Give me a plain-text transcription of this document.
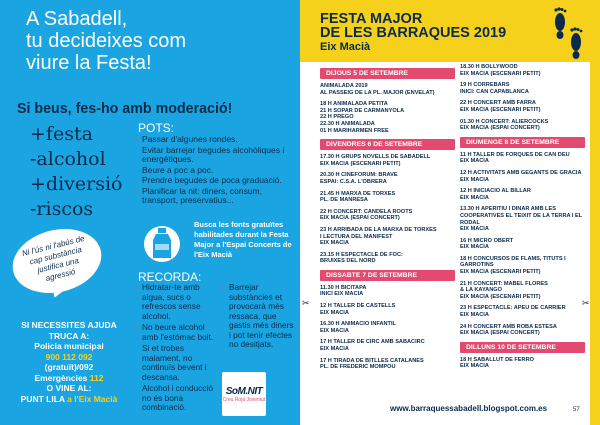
A Sabadell,
tu decideixes com
viure la Festa!
Si beus, fes-ho amb moderació!
+festa
-alcohol
+diversió
-riscos
POTS:
▫ Passar d'algunes rondes.
▫ Evitar barrejar begudes alcohòliques i energètiques.
▫ Beure a poc a poc.
▫ Prendre begudes de poca graduació.
▫ Planificar la nit: diners, consum, transport, preservatius...
Busca les fonts gratuïtes habilitades durant la Festa Major a l'Espai Concerts de l'Eix Macià
Ni l'ús ni l'abús de cap substància justifica una agressió	RECORDA:
▫ Hidratar-te amb aigua, sucs o refrescos sense alcohol.
▫ No beure alcohol amb l'estómac buit.
▫ Si et trobes malament, no continuïs bevent i descansa.
▫ Alcohol i conducció no és bona combinació.
▫ Barrejar substàncies et provocarà més ressaca, que gastis més diners i pot tenir efectes no desitjats.
SoM.NIT
Creu Roja Joventut
SI NECESSITES AJUDA TRUCA A:
Policia municipal
900 112 092
(gratuït)/092
Emergències 112
O VINE AL:
PUNT LILA a l'Eix Macià
FESTA MAJOR
DE LES BARRAQUES 2019
Eix Macià
DIJOUS 5 DE SETEMBRE
ANIMALADA 2019
AL PASSEIG DE LA PL. MAJOR (ENVELAT)
18 H ANIMALADA PETITA
21 H SOPAR DE CARMANYOLA
22 H PREGÓ
22.30 H ANIMALADA
01 H MARIHARMEN FREE
DIVENDRES 6 DE SETEMBRE
17.30 H GRUPS NOVELLS DE SABADELL
EIX MACIÀ (ESCENARI PETIT)
20.30 H CINEFÒRUM: BRAVE
ESPAI: C.S.A. L'OBRERA
21.45 H MARXA DE TORXES
PL. DE MANRESA
22 H CONCERT: CANDELA ROOTS
EIX MACIÀ (ESPAI CONCERT)
23 H ARRIBADA DE LA MARXA DE TORXES
I LECTURA DEL MANIFEST
EIX MACIÀ
23.15 H ESPECTACLE DE FOC:
BRUIXES DEL NORD
DISSABTE 7 DE SETEMBRE
11.30 H BICITAPA
INICI EIX MACIÀ
12 H TALLER DE CASTELLS
EIX MACIÀ
16.30 H ANIMACIÓ INFANTIL
EIX MACIÀ
17 H TALLER DE CIRC AMB SABACIRC
EIX MACIÀ
17 H TIRADA DE BITLLES CATALANES
PL. DE FREDERIC MOMPOU
18.30 H BOLLYWOOD
EIX MACIÀ (ESCENARI PETIT)
19 H CORREBARS
INICI: CAN CAPABLANCA
22 H CONCERT AMB FARRA
EIX MACIÀ (ESCENARI PETIT)
01.30 H CONCERT: ALIERCOCKS
EIX MACIÀ (ESPAI CONCERT)
DIUMENGE 8 DE SETEMBRE
11 H TALLER DE FORQUES DE CAN DEU
EIX MACIÀ
12 H ACTIVITATS AMB GEGANTS DE GRÀCIA
EIX MACIÀ
12 H INICIACIÓ AL BILLAR
EIX MACIÀ
13.30 H APERITIU I DINAR AMB LES
COOPERATIVES EL TEIXIT DE LA TERRA I EL
RODAL
EIX MACIÀ
16 H MICRO OBERT
EIX MACIÀ
18 H CONCURSOS DE FLAMS, TITUTS I
GARROTINS
EIX MACIÀ (ESCENARI PETIT)
21 H CONCERT: MABEL FLORES
& LA KAYANGO
EIX MACIÀ (ESCENARI PETIT)
23 H ESPECTACLE: APEU DE CARRIER
EIX MACIÀ
24 H CONCERT AMB ROBA ESTESA
EIX MACIÀ (ESPAI CONCERT)
DILLUNS 10 DE SETEMBRE
18 H SABALLUT DE FERRO
EIX MACIÀ
✂	✂
www.barraquessabadell.blogspot.com.es	57
